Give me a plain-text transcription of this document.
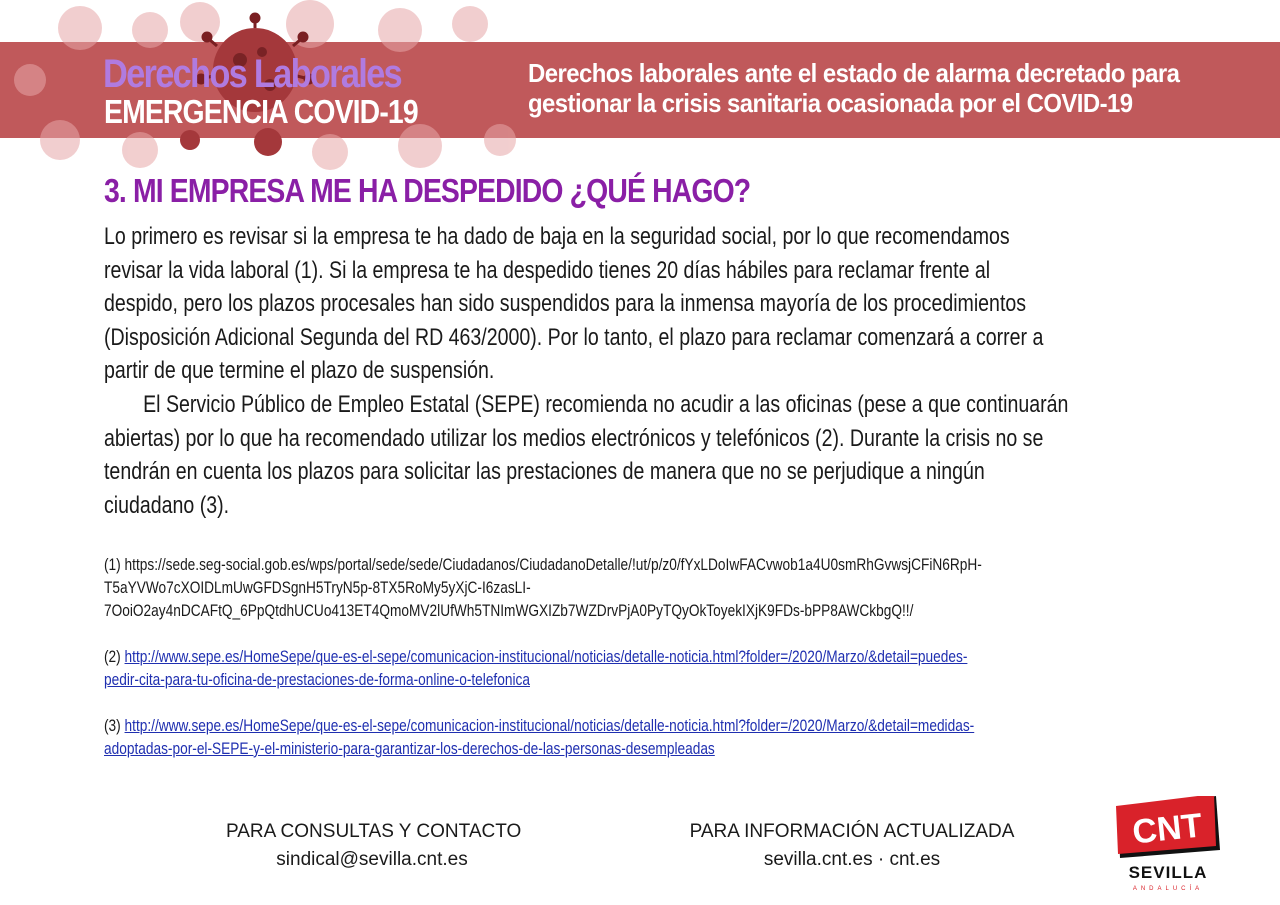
Derechos Laborales
EMERGENCIA COVID-19
Derechos laborales ante el estado de alarma decretado para
gestionar la crisis sanitaria ocasionada por el COVID-19
3. MI EMPRESA ME HA DESPEDIDO ¿QUÉ HAGO?
Lo primero es revisar si la empresa te ha dado de baja en la seguridad social, por lo que recomendamos
revisar la vida laboral (1). Si la empresa te ha despedido tienes 20 días hábiles para reclamar frente al
despido, pero los plazos procesales han sido suspendidos para la inmensa mayoría de los procedimientos
(Disposición Adicional Segunda del RD 463/2000). Por lo tanto, el plazo para reclamar comenzará a correr a
partir de que termine el plazo de suspensión.
El Servicio Público de Empleo Estatal (SEPE) recomienda no acudir a las oficinas (pese a que continuarán
abiertas) por lo que ha recomendado utilizar los medios electrónicos y telefónicos (2). Durante la crisis no se
tendrán en cuenta los plazos para solicitar las prestaciones de manera que no se perjudique a ningún
ciudadano (3).
(1) https://sede.seg-social.gob.es/wps/portal/sede/sede/Ciudadanos/CiudadanoDetalle/!ut/p/z0/fYxLDoIwFACvwob1a4U0smRhGvwsjCFiN6RpH-
T5aYVWo7cXOIDLmUwGFDSgnH5TryN5p-8TX5RoMy5yXjC-I6zasLI-
7OoiO2ay4nDCAFtQ_6PpQtdhUCUo413ET4QmoMV2lUfWh5TNImWGXIZb7WZDrvPjA0PyTQyOkToyekIXjK9FDs-bPP8AWCkbgQ!!/
(2) http://www.sepe.es/HomeSepe/que-es-el-sepe/comunicacion-institucional/noticias/detalle-noticia.html?folder=/2020/Marzo/&detail=puedes-
pedir-cita-para-tu-oficina-de-prestaciones-de-forma-online-o-telefonica
(3) http://www.sepe.es/HomeSepe/que-es-el-sepe/comunicacion-institucional/noticias/detalle-noticia.html?folder=/2020/Marzo/&detail=medidas-
adoptadas-por-el-SEPE-y-el-ministerio-para-garantizar-los-derechos-de-las-personas-desempleadas
PARA CONSULTAS Y CONTACTO
sindical@sevilla.cnt.es
PARA INFORMACIÓN ACTUALIZADA
sevilla.cnt.es · cnt.es
CNT
SEVILLA
ANDALUCÍA
